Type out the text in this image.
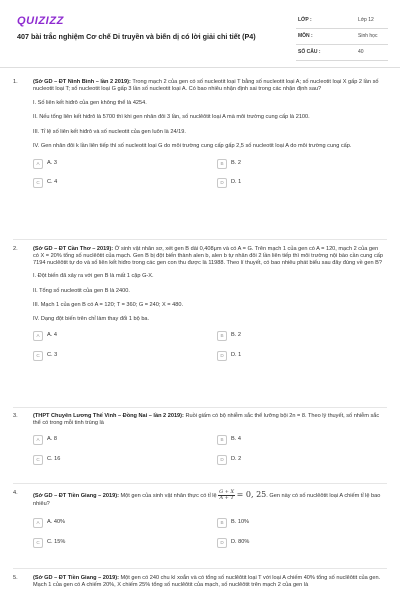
QUIZIZZ
407 bài trắc nghiệm Cơ chế Di truyền và biến dị có lời giải chi tiết (P4)
LỚP :	Lớp 12
MÔN :	Sinh học
SỐ CÂU :	40
1.	(Sở GD – ĐT Ninh Bình – lần 2 2019): Trong mạch 2 của gen có số nucleotit loại T bằng số nucleotit loại A; số nucleotit loại X gấp 2 lần số nucleotit loại T; số nucleotit loại G gấp 3 lần số nucleotit loại A. Có bao nhiêu nhận định sai trong các nhận định sau?

I. Số liên kết hiđrô của gen không thể là 4254.

II. Nếu tổng liên kết hiđrô là 5700 thì khi gen nhân đôi 3 lần, số nuclêôtit loại A mà môi trường cung cấp là 2100.

III. Tỉ lệ số liên kết hiđrô và số nucleotit của gen luôn là 24/19.

IV. Gen nhân đôi k lần liên tiếp thì số nucleotit loại G do môi trường cung cấp gấp 2,5 số nucleotit loại A do môi trường cung cấp.

A	A. 3	B	B. 2
C	C. 4	D	D. 1
2.	(Sở GD – ĐT Cần Thơ – 2019): Ở sinh vật nhân sơ, xét gen B dài 0,408μm và có A = G. Trên mạch 1 của gen có A = 120, mạch 2 của gen có X = 20% tổng số nuclêôtit của mạch. Gen B bị đột biến thành alen b, alen b tự nhân đôi 2 lần liên tiếp thì môi trường nội bào cần cung cấp 7194 nuclêôtit tự do và số liên kết hiđro trong các gen con thu được là 11988. Theo lí thuyết, có bao nhiêu phát biểu sau đây đúng về gen B?

I. Đột biến đã xảy ra với gen B là mất 1 cặp G-X.

II. Tổng số nucleotit của gen B là 2400.

III. Mạch 1 của gen B có A = 120; T = 360; G = 240; X = 480.

IV. Dạng đột biến trên chỉ làm thay đổi 1 bộ ba.

A	A. 4	B	B. 2
C	C. 3	D	D. 1
3.	(THPT Chuyên Lương Thế Vinh – Đồng Nai – lần 2 2019): Ruồi giấm có bộ nhiễm sắc thể lưỡng bội 2n = 8. Theo lý thuyết, số nhiễm sắc thể có trong mỗi tinh trùng là

A	A. 8	B	B. 4
C	C. 16	D	D. 2
4.	(Sở GD – ĐT Tiền Giang – 2019): Một gen của sinh vật nhân thực có tỉ lệ $\frac{G + X}{A + T} = 0$, 25. Gen này có số nuclêôtit loại A chiếm tỉ lệ bao nhiêu?

A	A. 40%	B	B. 10%
C	C. 15%	D	D. 80%
5.	(Sở GD – ĐT Tiền Giang – 2019): Một gen có 240 chu kì xoắn và có tổng số nuclêôtit loại T với loại A chiếm 40% tổng số nuclêôtit của gen. Mạch 1 của gen có A chiếm 20%, X chiếm 25% tổng số nuclêôtit của mạch, số nuclêôtit trên mạch 2 của gen là
